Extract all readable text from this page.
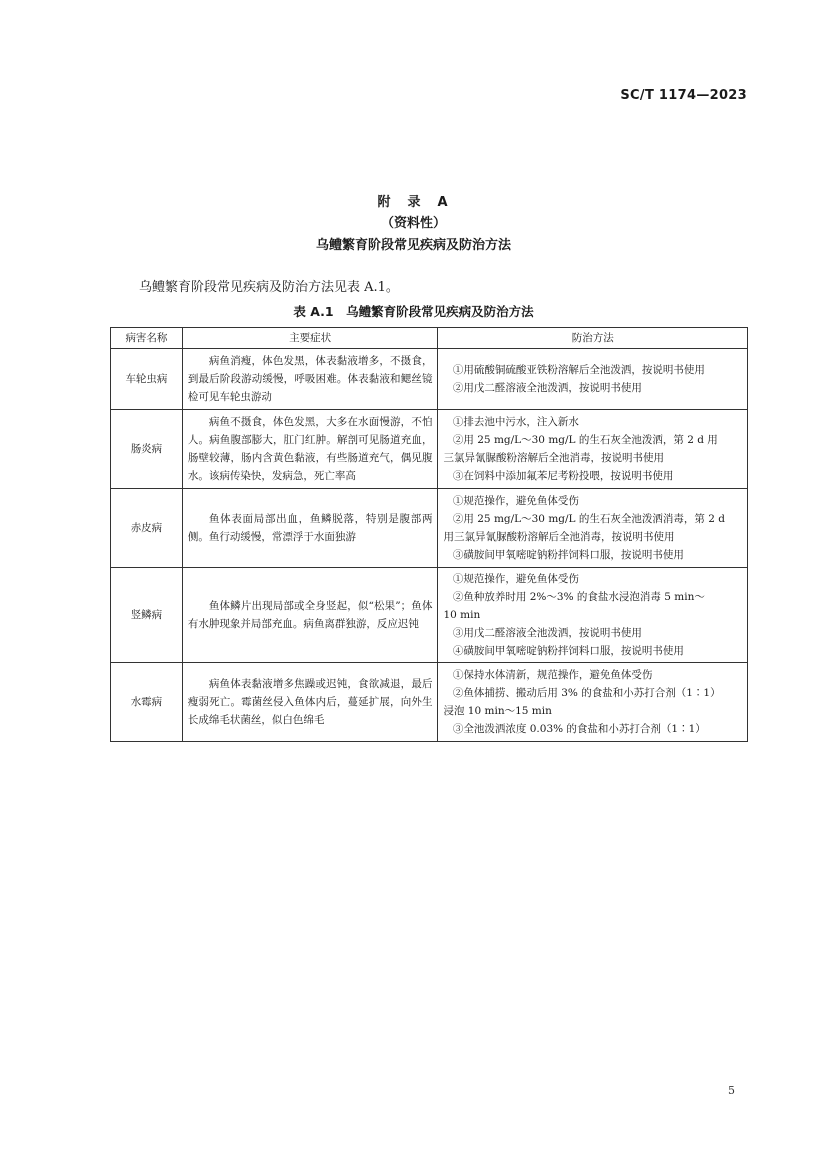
SC/T 1174—2023
附　录　A
（资料性）
乌鳢繁育阶段常见疾病及防治方法
乌鳢繁育阶段常见疾病及防治方法见表 A.1。
表 A.1　乌鳢繁育阶段常见疾病及防治方法
病害名称	主要症状	防治方法
车轮虫病	病鱼消瘦，体色发黑，体表黏液增多，不摄食，到最后阶段游动缓慢，呼吸困难。体表黏液和鳃丝镜检可见车轮虫游动	①用硫酸铜硫酸亚铁粉溶解后全池泼洒，按说明书使用
②用戊二醛溶液全池泼洒，按说明书使用

肠炎病	病鱼不摄食，体色发黑，大多在水面慢游，不怕人。病鱼腹部膨大，肛门红肿。解剖可见肠道充血，肠壁较薄，肠内含黄色黏液，有些肠道充气，偶见腹水。该病传染快，发病急，死亡率高	①排去池中污水，注入新水
②用 25 mg/L～30 mg/L 的生石灰全池泼洒，第 2 d 用
三氯异氰脲酸粉溶解后全池消毒，按说明书使用
③在饲料中添加氟苯尼考粉投喂，按说明书使用

赤皮病	鱼体表面局部出血，鱼鳞脱落，特别是腹部两侧。鱼行动缓慢，常漂浮于水面独游	①规范操作，避免鱼体受伤
②用 25 mg/L～30 mg/L 的生石灰全池泼洒消毒，第 2 d
用三氯异氰脲酸粉溶解后全池消毒，按说明书使用
③磺胺间甲氧嘧啶钠粉拌饲料口服，按说明书使用

竖鳞病	鱼体鳞片出现局部或全身竖起，似“松果”；鱼体有水肿现象并局部充血。病鱼离群独游，反应迟钝	①规范操作，避免鱼体受伤
②鱼种放养时用 2%～3% 的食盐水浸泡消毒 5 min～
10 min
③用戊二醛溶液全池泼洒，按说明书使用
④磺胺间甲氧嘧啶钠粉拌饲料口服，按说明书使用

水霉病	病鱼体表黏液增多焦躁或迟钝，食欲减退，最后瘦弱死亡。霉菌丝侵入鱼体内后，蔓延扩展，向外生长成绵毛状菌丝，似白色绵毛	①保持水体清新，规范操作，避免鱼体受伤
②鱼体捕捞、搬动后用 3% 的食盐和小苏打合剂（1∶1）
浸泡 10 min～15 min
③全池泼洒浓度 0.03% 的食盐和小苏打合剂（1∶1）
5
